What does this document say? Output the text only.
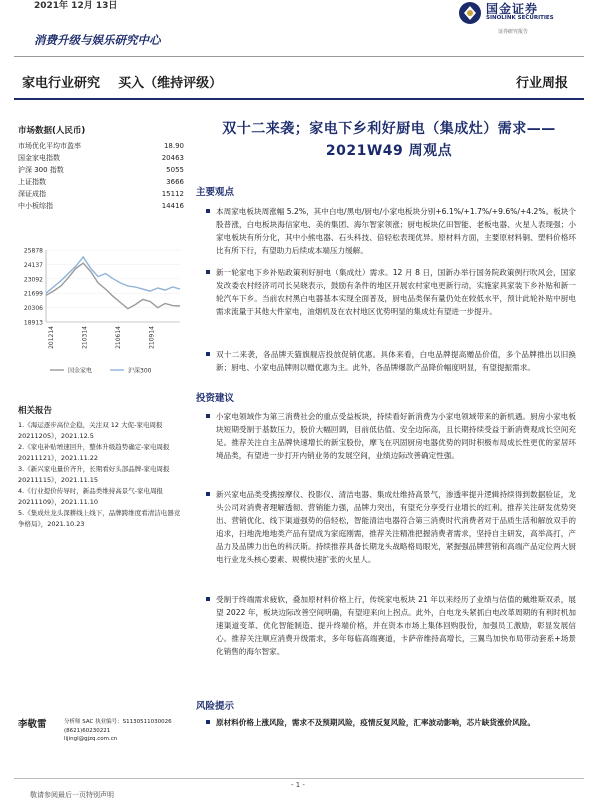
2021年 12月 13日
消费升级与娱乐研究中心
国金证券
SINOLINK SECURITIES
证券研究报告
家电行业研究 买入（维持评级）	行业周报
市场数据(人民币)
市场优化平均市盈率	18.90
国金家电指数	20463
沪深 300 指数	5055
上证指数	3666
深证成指	15112
中小板综指	14416
25878
24137
23092
21699
20306
18913
201214	210314	210614	210914
国金家电	沪深300
相关报告
1.《海运逐步高位企稳，关注双 12 大促-家电周报 20211205》，2021.12.5
2.《家电补贴增速回升，整体升级趋势确定-家电周报 20211121》，2021.11.22
3.《新兴家电量价齐升，长期看好头部品牌-家电周报 20211115》，2021.11.15
4.《行业提价传导时，新品类维持高景气-家电周报 20211109》，2021.11.10
5.《集成灶龙头深耕线上线下，品牌跨维度看清洁电器竞争格局》，2021.10.23
李敬雷	分析师 SAC 执业编号：S1130511030026
(8621)60230221
lijingl@gjzq.com.cn
双十二来袭；家电下乡利好厨电（集成灶）需求——2021W49 周观点
主要观点
本周家电板块周涨幅 5.2%，其中白电/黑电/厨电/小家电板块分别+6.1%/+1.7%/+9.6%/+4.2%。板块个股普涨，白电板块海信家电、美的集团、海尔智家领涨；厨电板块亿田智能、老板电器、火星人表现强；小家电板块有所分化，其中小熊电器、石头科技、倍轻松表现优异。原材料方面，主要原材料铜、塑料价格环比有所下行，有望助力后续成本端压力缓解。
新一轮家电下乡补贴政策利好厨电（集成灶）需求。12 月 8 日，国新办举行国务院政策例行吹风会，国家发改委农村经济司司长吴晓表示，鼓励有条件的地区开展农村家电更新行动，实施家具家装下乡补贴和新一轮汽车下乡。当前农村黑白电器基本实现全面普及，厨电品类保有量仍处在较低水平，预计此轮补贴中厨电需求流量于其他大件家电，油烟机及在农村地区优势明显的集成灶有望进一步提升。
双十二来袭，各品牌天猫旗舰店投放促销优惠。具体来看，白电品牌提高赠品价值，多个品牌推出以旧换新；厨电、小家电品牌则以赠优惠为主。此外，各品牌爆款产品降价幅度明显，有望提振需求。
投资建议
小家电领域作为第三消费社会的重点受益板块，持续看好新消费为小家电领域带来的新机遇。厨房小家电板块短期受制于基数压力，股价大幅回调，目前低估值、安全边际高，且长期持续受益于新消费观成长空间充足。推荐关注自主品牌快速增长的新宝股份，摩飞在巩固厨房电器优势的同时积极布局成长性更优的家居环境品类，有望进一步打开内销业务的发展空间，业绩边际改善确定性强。
新兴家电品类受携按摩仪、投影仪、清洁电器、集成灶维持高景气，渗透率提升逻辑持续得到数据验证，龙头公司对消费者理解透彻、营销能力强，品牌力突出，有望充分享受行业增长的红利。推荐关注研发优势突出、营销优化、线下渠道强势的倍轻松，智能清洁电器符合第三消费时代消费者对于品质生活和解放双手的追求，扫地洗地地类产品有望成为家庭刚需，推荐关注精准把握消费者需求，坚持自主研发，高举高打，产品力及品牌力出色的科沃斯。持续推荐具备长期龙头战略格局眼光，紧握强品牌营销和高端产品定位两大厨电行业龙头核心要素、规模快速扩张的火星人。
受制于终端需求疲软，叠加原材料价格上行，传统家电板块 21 年以来经历了业绩与估值的戴维斯双杀，展望 2022 年，板块边际改善空间明确，有望迎来向上拐点。此外，白电龙头紧抓白电改革周期的有利时机加速渠道变革、优化智能制造、提升终端价格，并在资本市场上集体回购股份，加强员工激励，彰显发展信心。推荐关注顺应消费升级需求，多年每临高端赛道，卡萨帝维持高增长，三翼鸟加快布局带动套系+场景化销售的海尔智家。
风险提示
原材料价格上涨风险，需求不及预期风险，疫情反复风险，汇率波动影响，芯片缺货涨价风险。
- 1 -
敬请参阅最后一页特别声明
